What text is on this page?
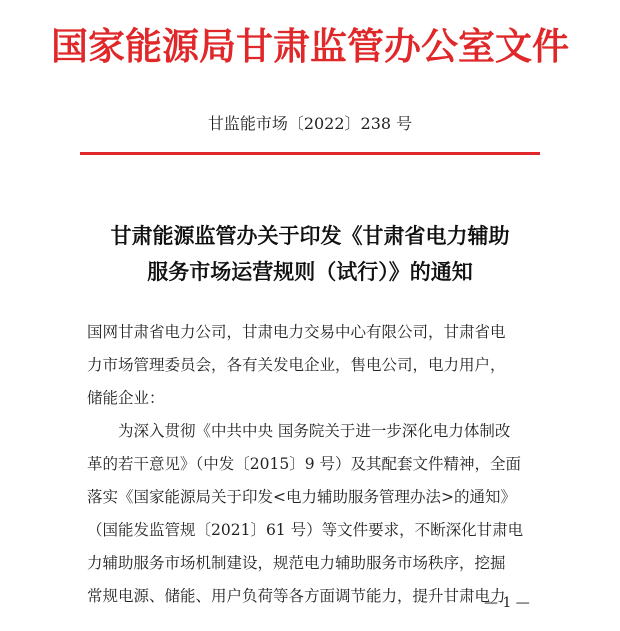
国家能源局甘肃监管办公室文件
甘监能市场〔2022〕238 号
甘肃能源监管办关于印发《甘肃省电力辅助
服务市场运营规则（试行）》的通知
国网甘肃省电力公司，甘肃电力交易中心有限公司，甘肃省电
力市场管理委员会，各有关发电企业，售电公司，电力用户，
储能企业：
为深入贯彻《中共中央 国务院关于进一步深化电力体制改
革的若干意见》（中发〔2015〕9 号）及其配套文件精神，全面
落实《国家能源局关于印发<电力辅助服务管理办法>的通知》
（国能发监管规〔2021〕61 号）等文件要求，不断深化甘肃电
力辅助服务市场机制建设，规范电力辅助服务市场秩序，挖掘
常规电源、储能、用户负荷等各方面调节能力，提升甘肃电力
— 1 —
